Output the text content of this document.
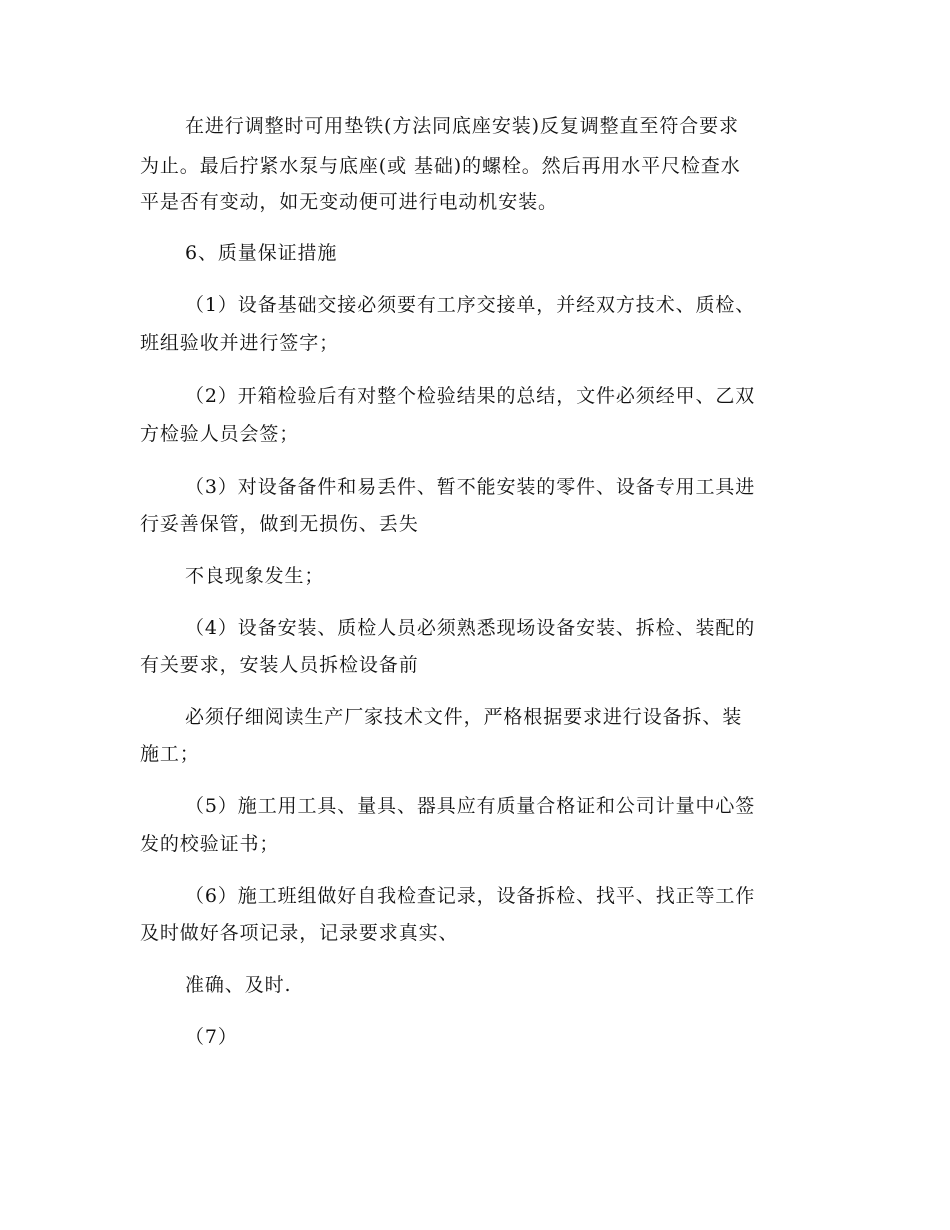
在进行调整时可用垫铁(方法同底座安装)反复调整直至符合要求
为止。最后拧紧水泵与底座(或 基础)的螺栓。然后再用水平尺检查水
平是否有变动，如无变动便可进行电动机安装。
6、质量保证措施
（1）设备基础交接必须要有工序交接单，并经双方技术、质检、
班组验收并进行签字；
（2）开箱检验后有对整个检验结果的总结，文件必须经甲、乙双
方检验人员会签；
（3）对设备备件和易丢件、暂不能安装的零件、设备专用工具进
行妥善保管，做到无损伤、丢失
不良现象发生；
（4）设备安装、质检人员必须熟悉现场设备安装、拆检、装配的
有关要求，安装人员拆检设备前
必须仔细阅读生产厂家技术文件，严格根据要求进行设备拆、装
施工；
（5）施工用工具、量具、器具应有质量合格证和公司计量中心签
发的校验证书；
（6）施工班组做好自我检查记录，设备拆检、找平、找正等工作
及时做好各项记录，记录要求真实、
准确、及时.
（7）
